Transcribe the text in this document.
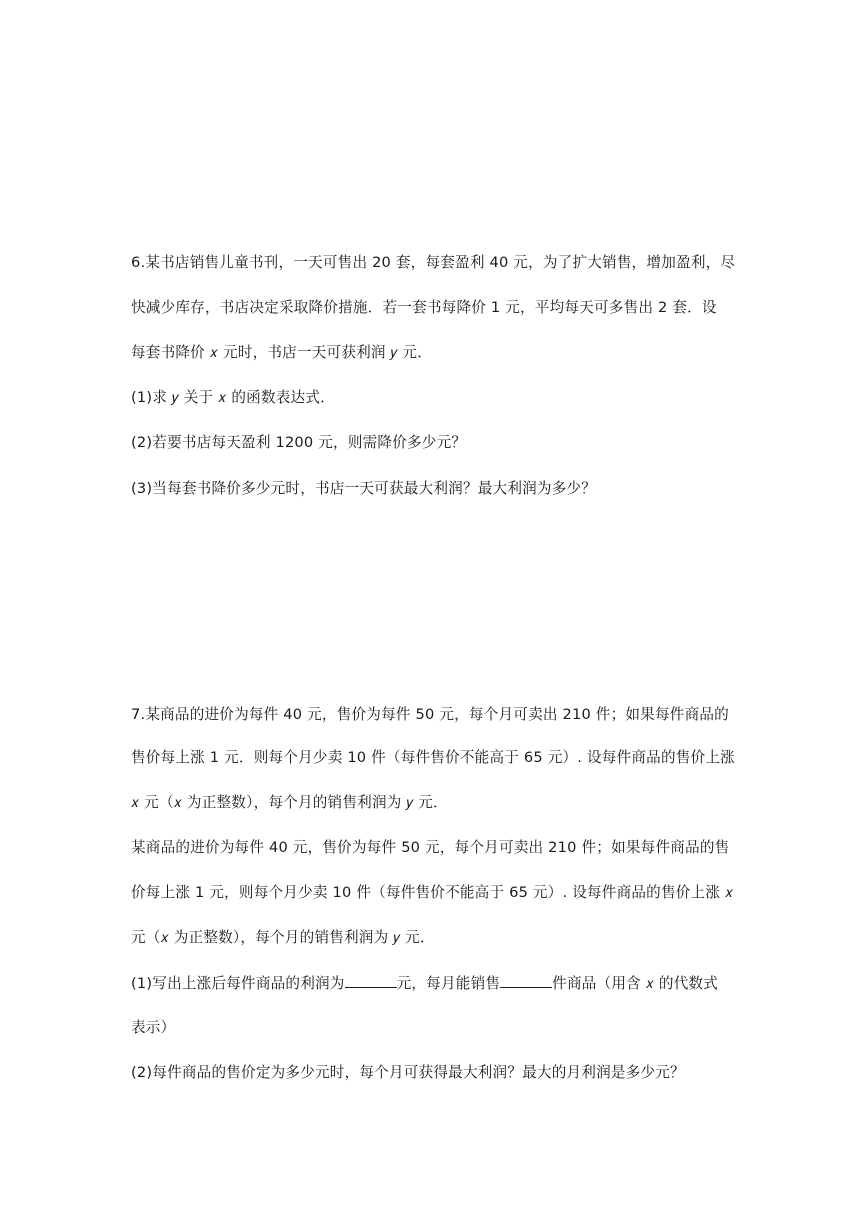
6.某书店销售儿童书刊，一天可售出 20 套，每套盈利 40 元，为了扩大销售，增加盈利，尽
快减少库存，书店决定采取降价措施．若一套书每降价 1 元，平均每天可多售出 2 套．设
每套书降价 𝑥 元时，书店一天可获利润 𝑦 元．
(1)求 𝑦 关于 𝑥 的函数表达式．
(2)若要书店每天盈利 1200 元，则需降价多少元？
(3)当每套书降价多少元时，书店一天可获最大利润？最大利润为多少？
7.某商品的进价为每件 40 元，售价为每件 50 元，每个月可卖出 210 件；如果每件商品的
售价每上涨 1 元．则每个月少卖 10 件（每件售价不能高于 65 元）. 设每件商品的售价上涨
𝑥 元（𝑥 为正整数），每个月的销售利润为 𝑦 元．
某商品的进价为每件 40 元，售价为每件 50 元，每个月可卖出 210 件；如果每件商品的售
价每上涨 1 元，则每个月少卖 10 件（每件售价不能高于 65 元）. 设每件商品的售价上涨 𝑥
元（𝑥 为正整数），每个月的销售利润为 𝑦 元．
(1)写出上涨后每件商品的利润为	元，每月能销售	件商品（用含 𝑥 的代数式
表示）
(2)每件商品的售价定为多少元时，每个月可获得最大利润？最大的月利润是多少元？
